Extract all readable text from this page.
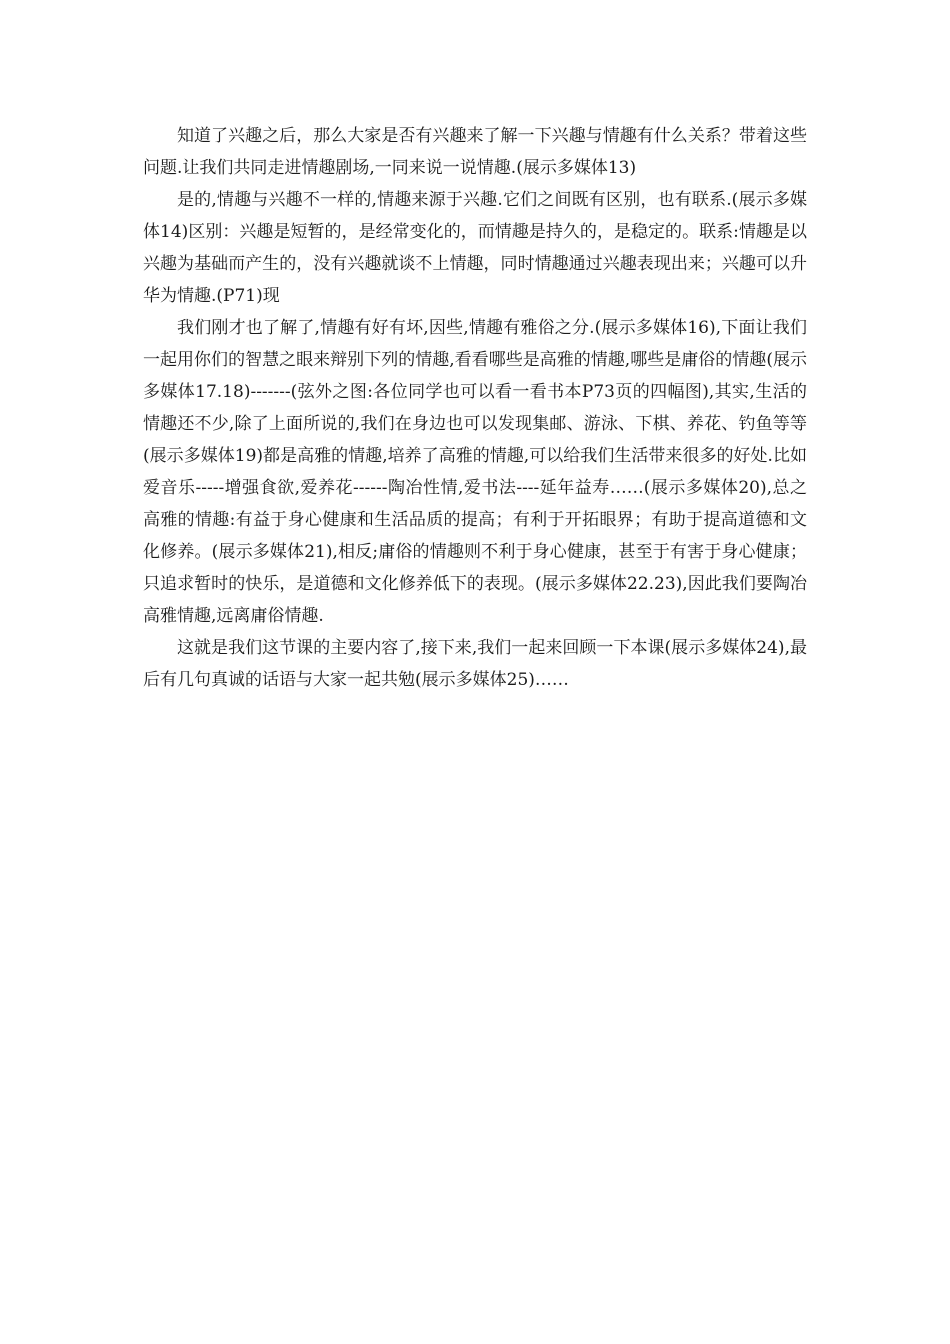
知道了兴趣之后，那么大家是否有兴趣来了解一下兴趣与情趣有什么关系？带着这些问题.让我们共同走进情趣剧场,一同来说一说情趣.(展示多媒体13)

是的,情趣与兴趣不一样的,情趣来源于兴趣.它们之间既有区别，也有联系.(展示多媒体14)区别：兴趣是短暂的，是经常变化的，而情趣是持久的，是稳定的。联系:情趣是以兴趣为基础而产生的，没有兴趣就谈不上情趣，同时情趣通过兴趣表现出来；兴趣可以升华为情趣.(P71)现

我们刚才也了解了,情趣有好有坏,因些,情趣有雅俗之分.(展示多媒体16),下面让我们一起用你们的智慧之眼来辩别下列的情趣,看看哪些是高雅的情趣,哪些是庸俗的情趣(展示多媒体17.18)-------(弦外之图:各位同学也可以看一看书本P73页的四幅图),其实,生活的情趣还不少,除了上面所说的,我们在身边也可以发现集邮、游泳、下棋、养花、钓鱼等等(展示多媒体19)都是高雅的情趣,培养了高雅的情趣,可以给我们生活带来很多的好处.比如爱音乐-----增强食欲,爱养花------陶冶性情,爱书法----延年益寿……(展示多媒体20),总之高雅的情趣:有益于身心健康和生活品质的提高；有利于开拓眼界；有助于提高道德和文化修养。(展示多媒体21),相反;庸俗的情趣则不利于身心健康，甚至于有害于身心健康；只追求暂时的快乐，是道德和文化修养低下的表现。(展示多媒体22.23),因此我们要陶冶高雅情趣,远离庸俗情趣.

这就是我们这节课的主要内容了,接下来,我们一起来回顾一下本课(展示多媒体24),最后有几句真诚的话语与大家一起共勉(展示多媒体25)……
